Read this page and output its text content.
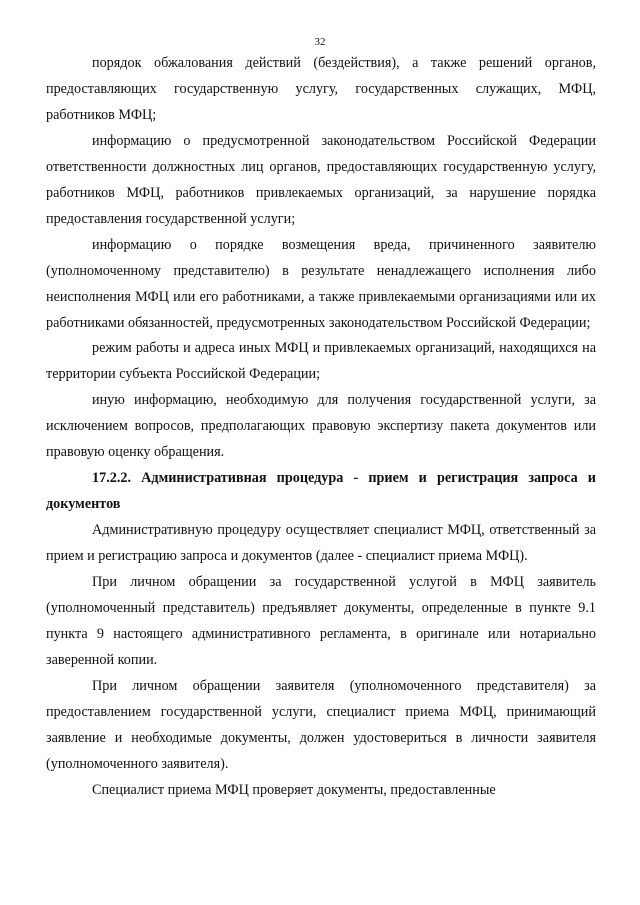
32

порядок обжалования действий (бездействия), а также решений органов, предоставляющих государственную услугу, государственных служащих, МФЦ, работников МФЦ;

информацию о предусмотренной законодательством Российской Федерации ответственности должностных лиц органов, предоставляющих государственную услугу, работников МФЦ, работников привлекаемых организаций, за нарушение порядка предоставления государственной услуги;

информацию о порядке возмещения вреда, причиненного заявителю (уполномоченному представителю) в результате ненадлежащего исполнения либо неисполнения МФЦ или его работниками, а также привлекаемыми организациями или их работниками обязанностей, предусмотренных законодательством Российской Федерации;

режим работы и адреса иных МФЦ и привлекаемых организаций, находящихся на территории субъекта Российской Федерации;

иную информацию, необходимую для получения государственной услуги, за исключением вопросов, предполагающих правовую экспертизу пакета документов или правовую оценку обращения.

17.2.2. Административная процедура - прием и регистрация запроса и документов

Административную процедуру осуществляет специалист МФЦ, ответственный за прием и регистрацию запроса и документов (далее - специалист приема МФЦ).

При личном обращении за государственной услугой в МФЦ заявитель (уполномоченный представитель) предъявляет документы, определенные в пункте 9.1 пункта 9 настоящего административного регламента, в оригинале или нотариально заверенной копии.

При личном обращении заявителя (уполномоченного представителя) за предоставлением государственной услуги, специалист приема МФЦ, принимающий заявление и необходимые документы, должен удостовериться в личности заявителя (уполномоченного заявителя).

Специалист приема МФЦ проверяет документы, предоставленные
